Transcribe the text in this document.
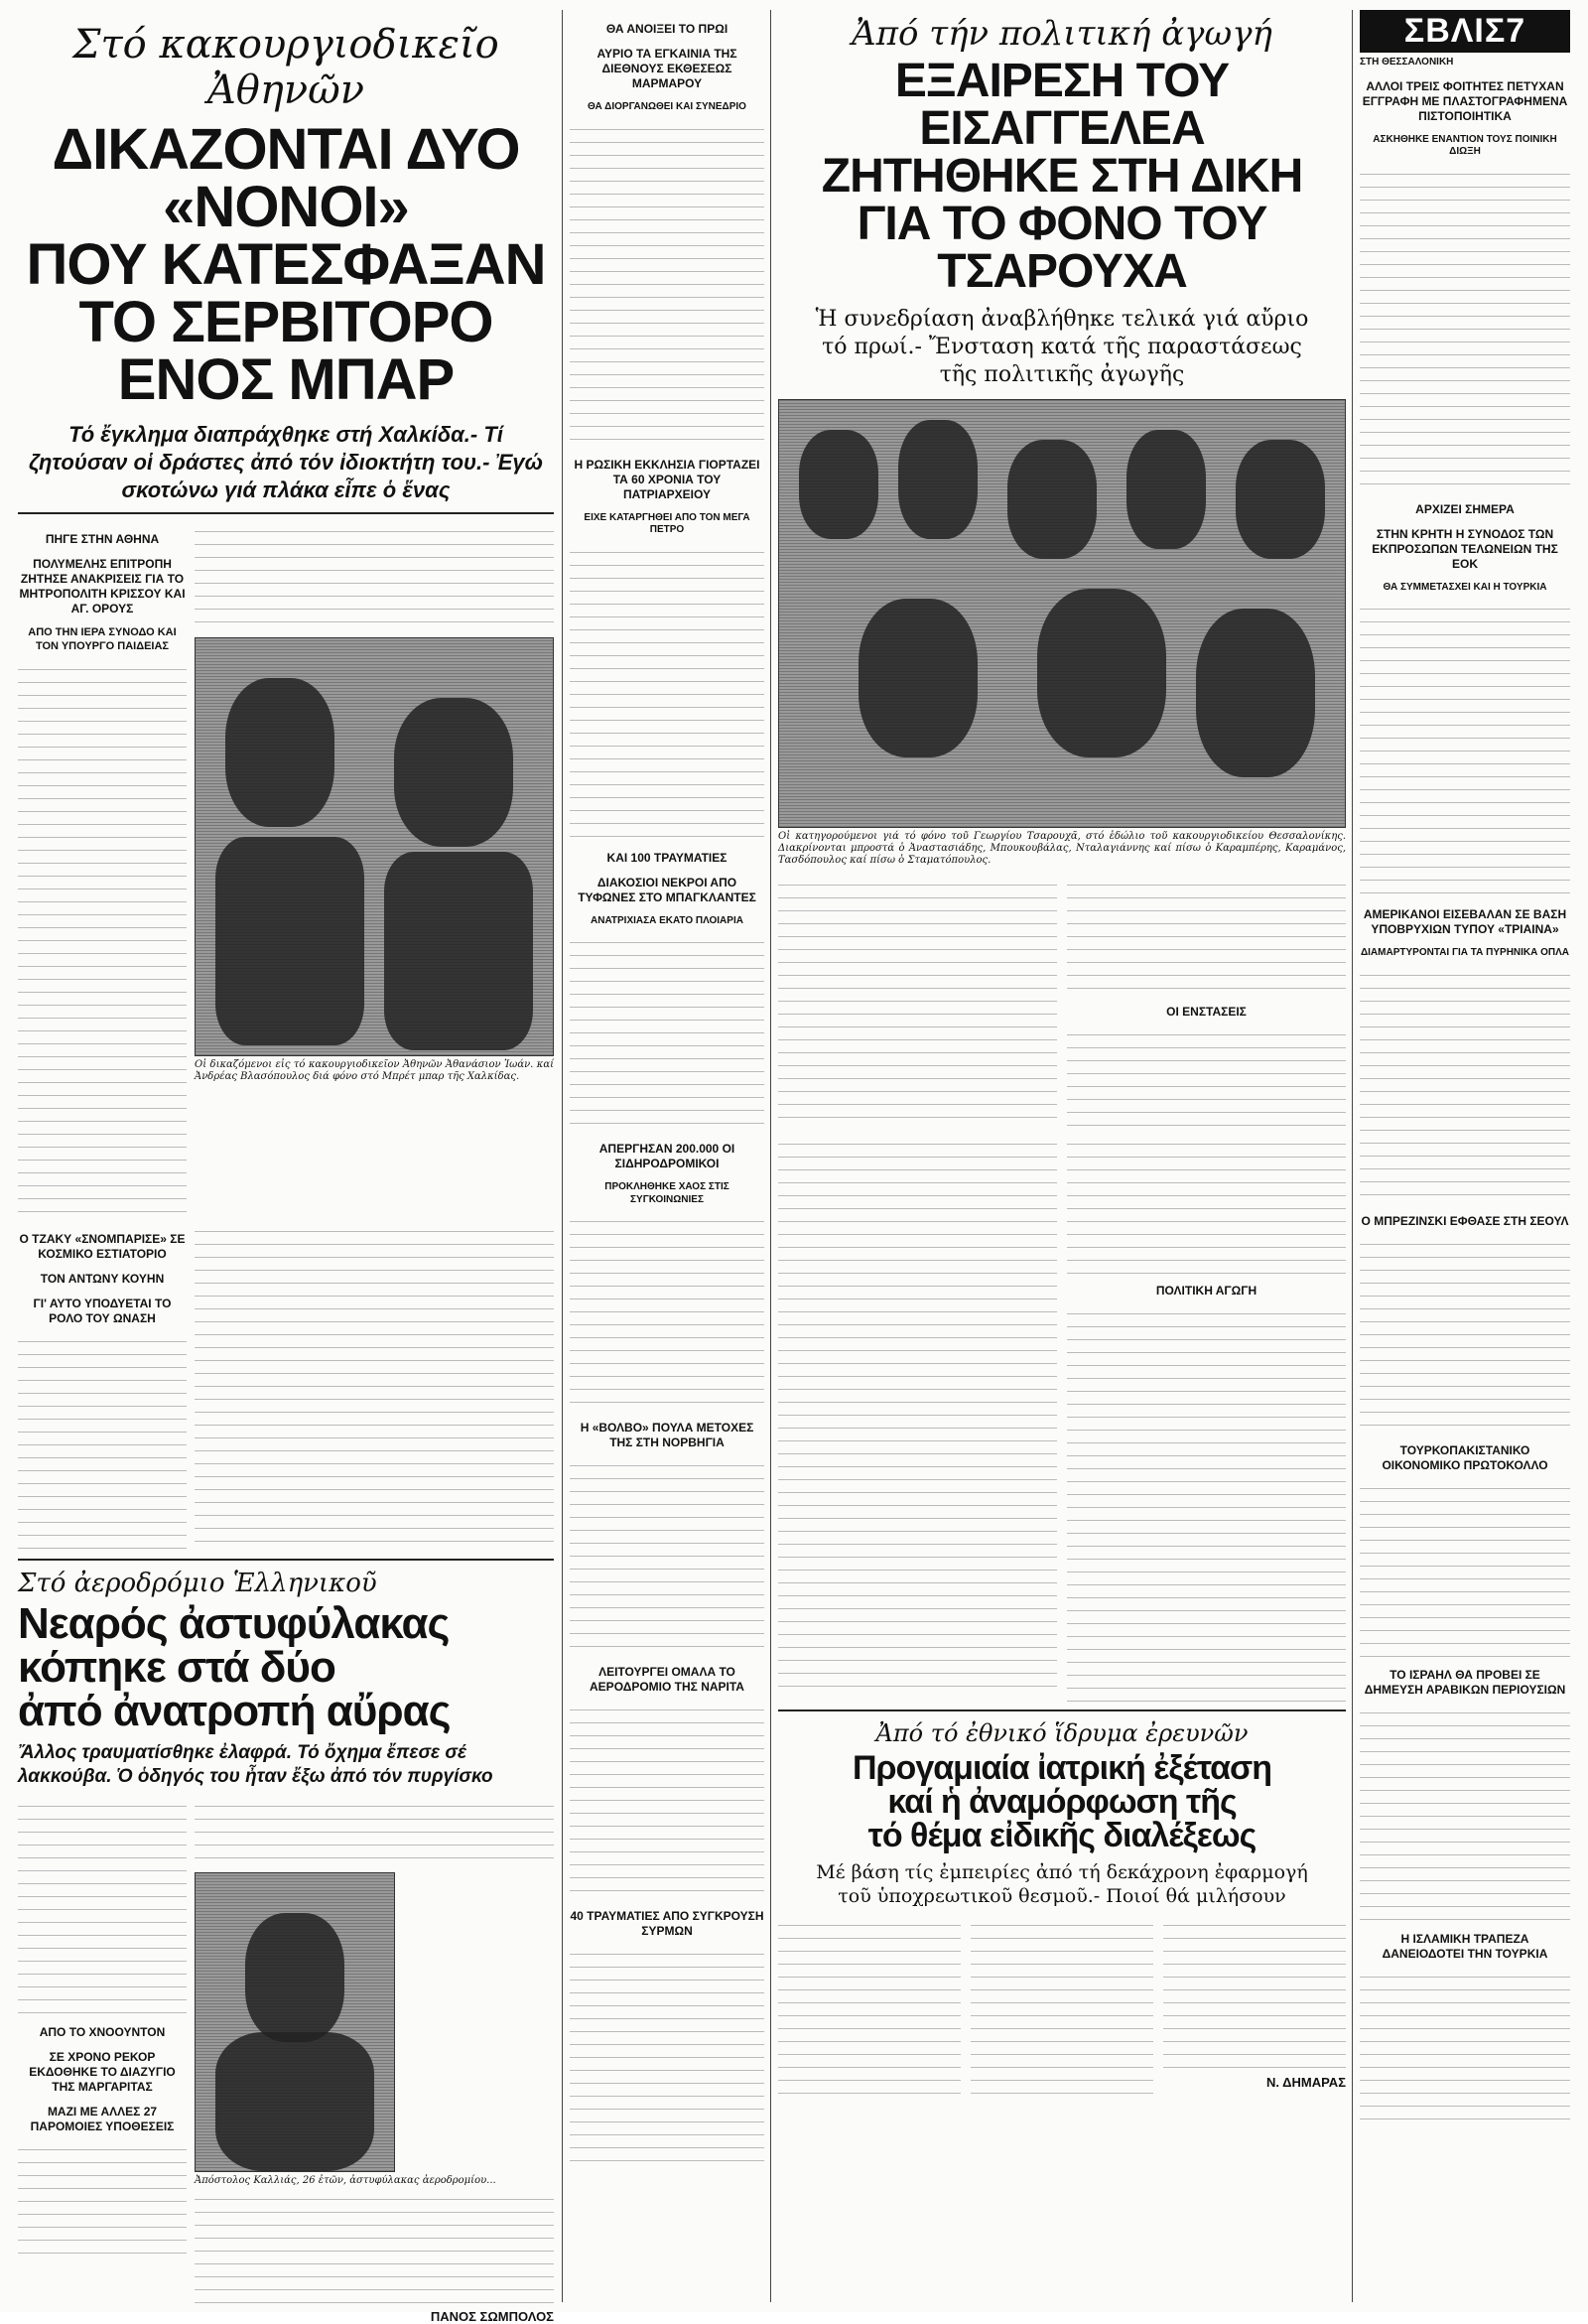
Στό κακουργιοδικεῖο Ἀθηνῶν
ΔΙΚΑΖΟΝΤΑΙ ΔΥΟ «ΝΟΝΟΙ»
ΠΟΥ ΚΑΤΕΣΦΑΞΑΝ
ΤΟ ΣΕΡΒΙΤΟΡΟ ΕΝΟΣ ΜΠΑΡ
Τό ἔγκλημα διαπράχθηκε στή Χαλκίδα.- Τί ζητούσαν οἱ δράστες ἀπό τόν ἰδιοκτήτη του.- Ἐγώ σκοτώνω γιά πλάκα εἶπε ὁ ἕνας
ΠΗΓΕ ΣΤΗΝ ΑΘΗΝΑ
ΠΟΛΥΜΕΛΗΣ ΕΠΙΤΡΟΠΗ ΖΗΤΗΣΕ ΑΝΑΚΡΙΣΕΙΣ ΓΙΑ ΤΟ ΜΗΤΡΟΠΟΛΙΤΗ ΚΡΙΣΣΟΥ ΚΑΙ ΑΓ. ΟΡΟΥΣ
ΑΠΟ ΤΗΝ ΙΕΡΑ ΣΥΝΟΔΟ ΚΑΙ ΤΟΝ ΥΠΟΥΡΓΟ ΠΑΙΔΕΙΑΣ
Οἱ δικαζόμενοι εἰς τό κακουργιοδικεῖον Ἀθηνῶν Ἀθανάσιον Ἰωάν. καί Ἀνδρέας Βλασόπουλος διά φόνο στό Μπρέτ μπαρ τῆς Χαλκίδας.
Ο ΤΖΑΚΥ «ΣΝΟΜΠΑΡΙΣΕ» ΣΕ ΚΟΣΜΙΚΟ ΕΣΤΙΑΤΟΡΙΟ
ΤΟΝ ΑΝΤΩΝΥ ΚΟΥΗΝ
ΓΙ' ΑΥΤΟ ΥΠΟΔΥΕΤΑΙ ΤΟ ΡΟΛΟ ΤΟΥ ΩΝΑΣΗ
Στό ἀεροδρόμιο Ἑλληνικοῦ
Νεαρός ἀστυφύλακας
κόπηκε στά δύο
ἀπό ἀνατροπή αὔρας
Ἄλλος τραυματίσθηκε ἐλαφρά. Τό ὄχημα ἔπεσε σέ λακκούβα. Ὁ ὁδηγός του ἦταν ἔξω ἀπό τόν πυργίσκο
ΑΠΟ ΤΟ ΧΝΟΟΥΝΤΟΝ
ΣΕ ΧΡΟΝΟ ΡΕΚΟΡ ΕΚΔΟΘΗΚΕ ΤΟ ΔΙΑΖΥΓΙΟ ΤΗΣ ΜΑΡΓΑΡΙΤΑΣ
ΜΑΖΙ ΜΕ ΑΛΛΕΣ 27 ΠΑΡΟΜΟΙΕΣ ΥΠΟΘΕΣΕΙΣ
Ἀπόστολος Καλλιάς, 26 ἐτῶν, ἀστυφύλακας ἀεροδρομίου...
ΠΑΝΟΣ ΣΩΜΠΟΛΟΣ
ΘΑ ΑΝΟΙΞΕΙ ΤΟ ΠΡΩΙ
ΑΥΡΙΟ ΤΑ ΕΓΚΑΙΝΙΑ ΤΗΣ ΔΙΕΘΝΟΥΣ ΕΚΘΕΣΕΩΣ ΜΑΡΜΑΡΟΥ
ΘΑ ΔΙΟΡΓΑΝΩΘΕΙ ΚΑΙ ΣΥΝΕΔΡΙΟ
Η ΡΩΣΙΚΗ ΕΚΚΛΗΣΙΑ ΓΙΟΡΤΑΖΕΙ ΤΑ 60 ΧΡΟΝΙΑ ΤΟΥ ΠΑΤΡΙΑΡΧΕΙΟΥ
ΕΙΧΕ ΚΑΤΑΡΓΗΘΕΙ ΑΠΟ ΤΟΝ ΜΕΓΑ ΠΕΤΡΟ
ΚΑΙ 100 ΤΡΑΥΜΑΤΙΕΣ
ΔΙΑΚΟΣΙΟΙ ΝΕΚΡΟΙ ΑΠΟ ΤΥΦΩΝΕΣ ΣΤΟ ΜΠΑΓΚΛΑΝΤΕΣ
ΑΝΑΤΡΙΧΙΑΣΑ ΕΚΑΤΟ ΠΛΟΙΑΡΙΑ
ΑΠΕΡΓΗΣΑΝ 200.000 ΟΙ ΣΙΔΗΡΟΔΡΟΜΙΚΟΙ
ΠΡΟΚΛΗΘΗΚΕ ΧΑΟΣ ΣΤΙΣ ΣΥΓΚΟΙΝΩΝΙΕΣ
Η «ΒΟΛΒΟ» ΠΟΥΛΑ ΜΕΤΟΧΕΣ ΤΗΣ ΣΤΗ ΝΟΡΒΗΓΙΑ
ΛΕΙΤΟΥΡΓΕΙ ΟΜΑΛΑ ΤΟ ΑΕΡΟΔΡΟΜΙΟ ΤΗΣ ΝΑΡΙΤΑ
40 ΤΡΑΥΜΑΤΙΕΣ ΑΠΟ ΣΥΓΚΡΟΥΣΗ ΣΥΡΜΩΝ
Ἀπό τήν πολιτική ἀγωγή
ΕΞΑΙΡΕΣΗ ΤΟΥ ΕΙΣΑΓΓΕΛΕΑ
ΖΗΤΗΘΗΚΕ ΣΤΗ ΔΙΚΗ
ΓΙΑ ΤΟ ΦΟΝΟ ΤΟΥ ΤΣΑΡΟΥΧΑ
Ἡ συνεδρίαση ἀναβλήθηκε τελικά γιά αὔριο τό πρωί.- Ἔνσταση κατά τῆς παραστάσεως τῆς πολιτικῆς ἀγωγῆς
Οἱ κατηγορούμενοι γιά τό φόνο τοῦ Γεωργίου Τσαρουχᾶ, στό ἑδώλιο τοῦ κακουργιοδικείου Θεσσαλονίκης. Διακρίνονται μπροστά ὁ Ἀναστασιάδης, Μπουκουβάλας, Νταλαγιάννης καί πίσω ὁ Καραμπέρης, Καραμάνος, Τασδόπουλος καί πίσω ὁ Σταματόπουλος.
ΟΙ ΕΝΣΤΑΣΕΙΣ
ΠΟΛΙΤΙΚΗ ΑΓΩΓΗ
Ἀπό τό ἐθνικό ἵδρυμα ἐρευνῶν
Προγαμιαία ἰατρική ἐξέταση
καί ἡ ἀναμόρφωση τῆς
τό θέμα εἰδικῆς διαλέξεως
Μέ βάση τίς ἐμπειρίες ἀπό τή δεκάχρονη ἐφαρμογή τοῦ ὑποχρεωτικοῦ θεσμοῦ.- Ποιοί θά μιλήσουν
Ν. ΔΗΜΑΡΑΣ
ΣΒΛΙΣ7
ΣΤΗ ΘΕΣΣΑΛΟΝΙΚΗ
ΑΛΛΟΙ ΤΡΕΙΣ ΦΟΙΤΗΤΕΣ ΠΕΤΥΧΑΝ ΕΓΓΡΑΦΗ ΜΕ ΠΛΑΣΤΟΓΡΑΦΗΜΕΝΑ ΠΙΣΤΟΠΟΙΗΤΙΚΑ
ΑΣΚΗΘΗΚΕ ΕΝΑΝΤΙΟΝ ΤΟΥΣ ΠΟΙΝΙΚΗ ΔΙΩΞΗ
ΑΡΧΙΖΕΙ ΣΗΜΕΡΑ
ΣΤΗΝ ΚΡΗΤΗ Η ΣΥΝΟΔΟΣ ΤΩΝ ΕΚΠΡΟΣΩΠΩΝ ΤΕΛΩΝΕΙΩΝ ΤΗΣ ΕΟΚ
ΘΑ ΣΥΜΜΕΤΑΣΧΕΙ ΚΑΙ Η ΤΟΥΡΚΙΑ
ΑΜΕΡΙΚΑΝΟΙ ΕΙΣΕΒΑΛΑΝ ΣΕ ΒΑΣΗ ΥΠΟΒΡΥΧΙΩΝ ΤΥΠΟΥ «ΤΡΙΑΙΝΑ»
ΔΙΑΜΑΡΤΥΡΟΝΤΑΙ ΓΙΑ ΤΑ ΠΥΡΗΝΙΚΑ ΟΠΛΑ
Ο ΜΠΡΕΖΙΝΣΚΙ ΕΦΘΑΣΕ ΣΤΗ ΣΕΟΥΛ
ΤΟΥΡΚΟΠΑΚΙΣΤΑΝΙΚΟ ΟΙΚΟΝΟΜΙΚΟ ΠΡΩΤΟΚΟΛΛΟ
ΤΟ ΙΣΡΑΗΛ ΘΑ ΠΡΟΒΕΙ ΣΕ ΔΗΜΕΥΣΗ ΑΡΑΒΙΚΩΝ ΠΕΡΙΟΥΣΙΩΝ
Η ΙΣΛΑΜΙΚΗ ΤΡΑΠΕΖΑ ΔΑΝΕΙΟΔΟΤΕΙ ΤΗΝ ΤΟΥΡΚΙΑ
